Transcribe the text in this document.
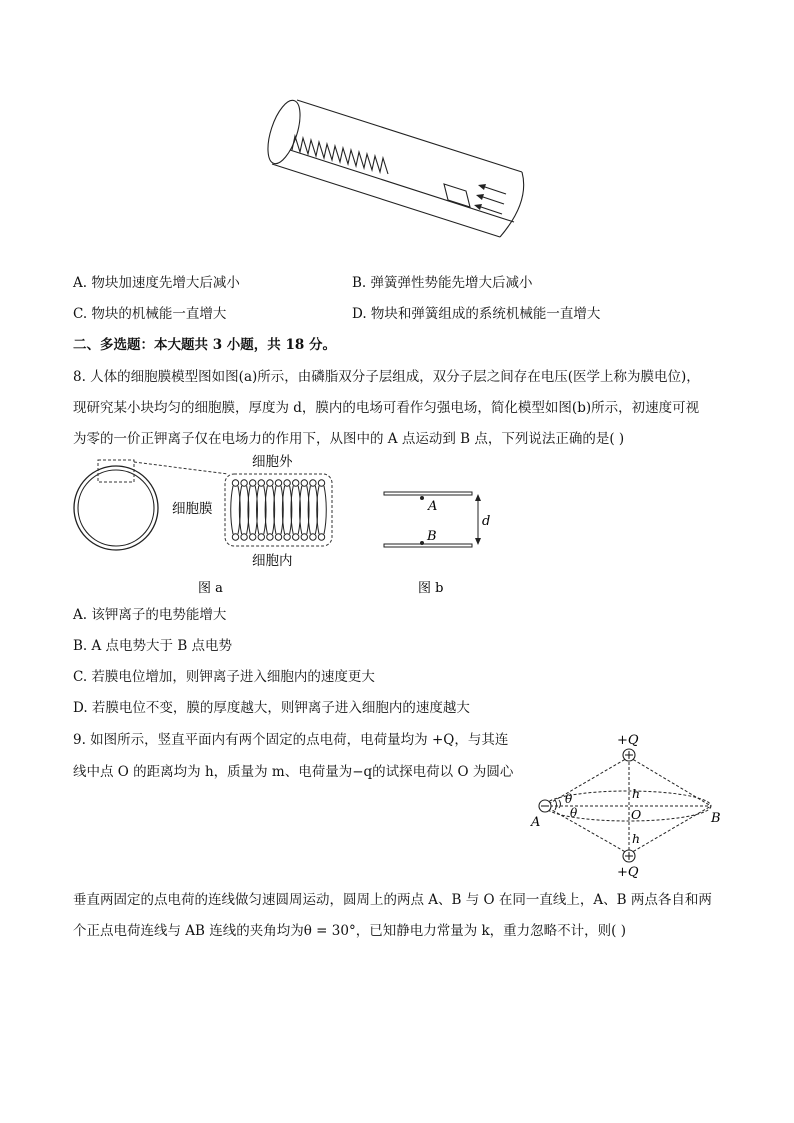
A. 物块加速度先增大后减小	B. 弹簧弹性势能先增大后减小
C. 物块的机械能一直增大	D. 物块和弹簧组成的系统机械能一直增大
二、多选题：本大题共 3 小题，共 18 分。
8. 人体的细胞膜模型图如图(a)所示，由磷脂双分子层组成，双分子层之间存在电压(医学上称为膜电位)，
现研究某小块均匀的细胞膜，厚度为 d，膜内的电场可看作匀强电场，简化模型如图(b)所示，初速度可视
为零的一价正钾离子仅在电场力的作用下，从图中的 A 点运动到 B 点，下列说法正确的是( )
细胞外
细胞膜
细胞内
图 a
A
B
d
图 b
A. 该钾离子的电势能增大
B. A 点电势大于 B 点电势
C. 若膜电位增加，则钾离子进入细胞内的速度更大
D. 若膜电位不变，膜的厚度越大，则钾离子进入细胞内的速度越大
9. 如图所示，竖直平面内有两个固定的点电荷，电荷量均为 +Q，与其连
线中点 O 的距离均为 h，质量为 m、电荷量为−q的试探电荷以 O 为圆心
+Q
+Q
h
h
O
A	B
θ
θ
垂直两固定的点电荷的连线做匀速圆周运动，圆周上的两点 A、B 与 O 在同一直线上，A、B 两点各自和两
个正点电荷连线与 AB 连线的夹角均为θ = 30°，已知静电力常量为 k，重力忽略不计，则( )
